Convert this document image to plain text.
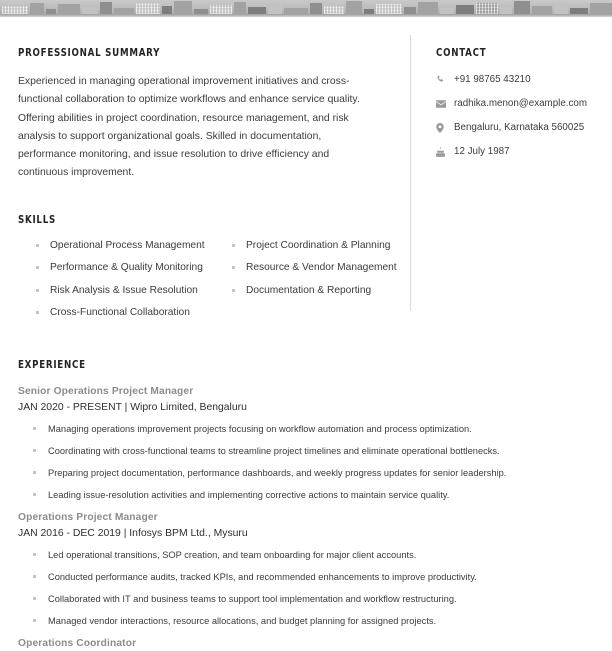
PROFESSIONAL SUMMARY

Experienced in managing operational improvement initiatives and cross-functional collaboration to optimize workflows and enhance service quality. Offering abilities in project coordination, resource management, and risk analysis to support organizational goals. Skilled in documentation, performance monitoring, and issue resolution to drive efficiency and continuous improvement.

SKILLS
Operational Process Management
Performance & Quality Monitoring
Risk Analysis & Issue Resolution
Cross-Functional Collaboration
Project Coordination & Planning
Resource & Vendor Management
Documentation & Reporting
CONTACT
+91 98765 43210
radhika.menon@example.com
Bengaluru, Karnataka 560025
12 July 1987
EXPERIENCE
Senior Operations Project Manager
JAN 2020 - PRESENT | Wipro Limited, Bengaluru
Managing operations improvement projects focusing on workflow automation and process optimization.
Coordinating with cross-functional teams to streamline project timelines and eliminate operational bottlenecks.
Preparing project documentation, performance dashboards, and weekly progress updates for senior leadership.
Leading issue-resolution activities and implementing corrective actions to maintain service quality.
Operations Project Manager
JAN 2016 - DEC 2019 | Infosys BPM Ltd., Mysuru
Led operational transitions, SOP creation, and team onboarding for major client accounts.
Conducted performance audits, tracked KPIs, and recommended enhancements to improve productivity.
Collaborated with IT and business teams to support tool implementation and workflow restructuring.
Managed vendor interactions, resource allocations, and budget planning for assigned projects.
Operations Coordinator
